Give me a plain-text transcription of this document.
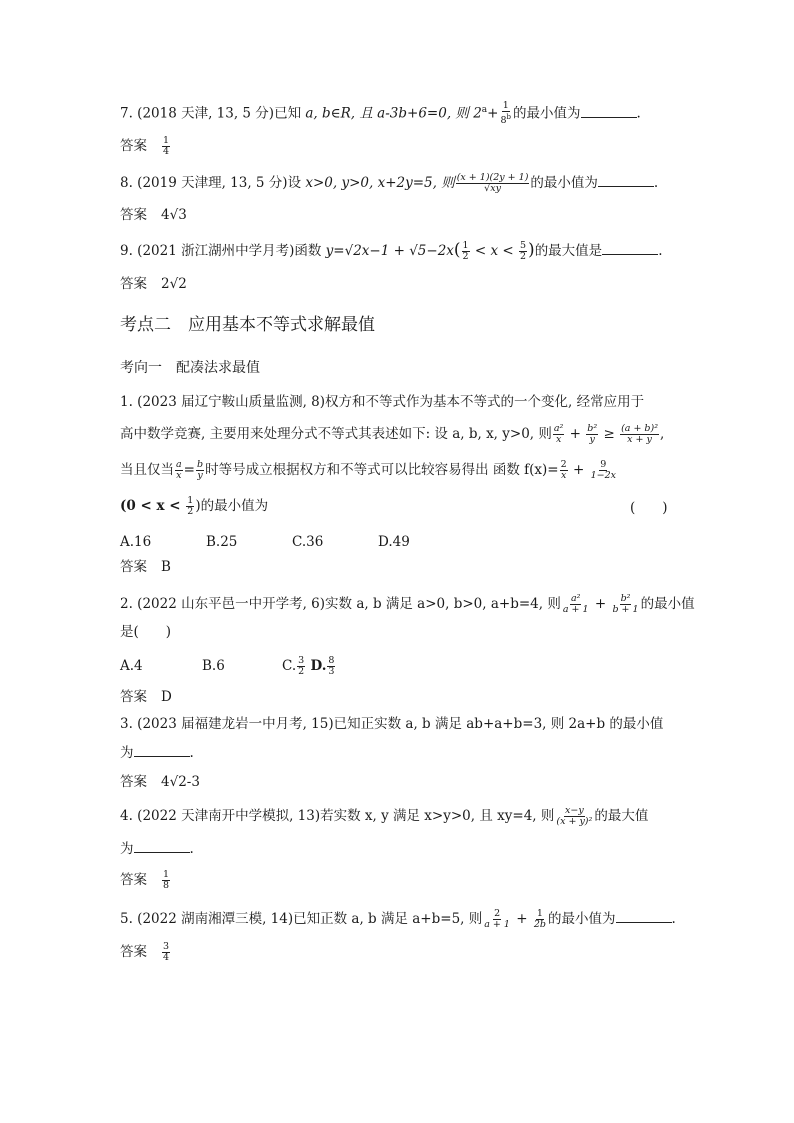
7. (2018 天津, 13, 5 分)已知 a, b∈R, 且 a-3b+6=0, 则 $2^a+ \frac{1}{8^b}$ 的最小值为	.
答案 $\frac{1}{4}$
8. (2019 天津理, 13, 5 分)设 x>0, y>0, x+2y=5, 则 $\frac{(x + 1)(2y + 1)}{√xy}$ 的最小值为	.
答案 4√3
9. (2021 浙江湖州中学月考)函数 $y=√2x-1 + √5-2x( \frac{1}{2} < x < \frac{5}{2}$ )的最大值是	.
答案 2√2
考点二　应用基本不等式求解最值
考向一　配凑法求最值
1. (2023 届辽宁鞍山质量监测, 8)权方和不等式作为基本不等式的一个变化, 经常应用于
高中数学竞赛, 主要用来处理分式不等式其表述如下: 设 a, b, x, y>0, 则 $\frac{\text{a²}}{x} + \frac{\text{b²}}{y} \ge \frac{\text{(a + b)²}}{x + y}$ ,
当且仅当 $\frac{a}{x} = \frac{b}{y}$ 时等号成立根据权方和不等式可以比较容易得出 函数 $f(x)= \frac{2}{x} + \frac{9}{1-2x}$
($0 < x < \frac{1}{2}$ )的最小值为	(　　)
A.16	B.25	C.36	D.49
答案 B
2. (2022 山东平邑一中开学考, 6)实数 a, b 满足 a>0, b>0, a+b=4, 则 $\frac{\text{a²}}{a + 1} + \frac{\text{b²}}{b + 1}$ 的最小值
是(　　)
A.4	B.6	C. $\frac{3}{2} D$. $\frac{8}{3}$
答案 D
3. (2023 届福建龙岩一中月考, 15)已知正实数 a, b 满足 ab+a+b=3, 则 2a+b 的最小值
为	.
答案 4√2-3
4. (2022 天津南开中学模拟, 13)若实数 x, y 满足 x>y>0, 且 xy=4, 则 $\frac{x-y}{\text{(x + y)²}}$ 的最大值
为	.
答案 $\frac{1}{8}$
5. (2022 湖南湘潭三模, 14)已知正数 a, b 满足 a+b=5, 则 $\frac{2}{a + 1} + \frac{1}{2b}$ 的最小值为	.
答案 $\frac{3}{4}$
